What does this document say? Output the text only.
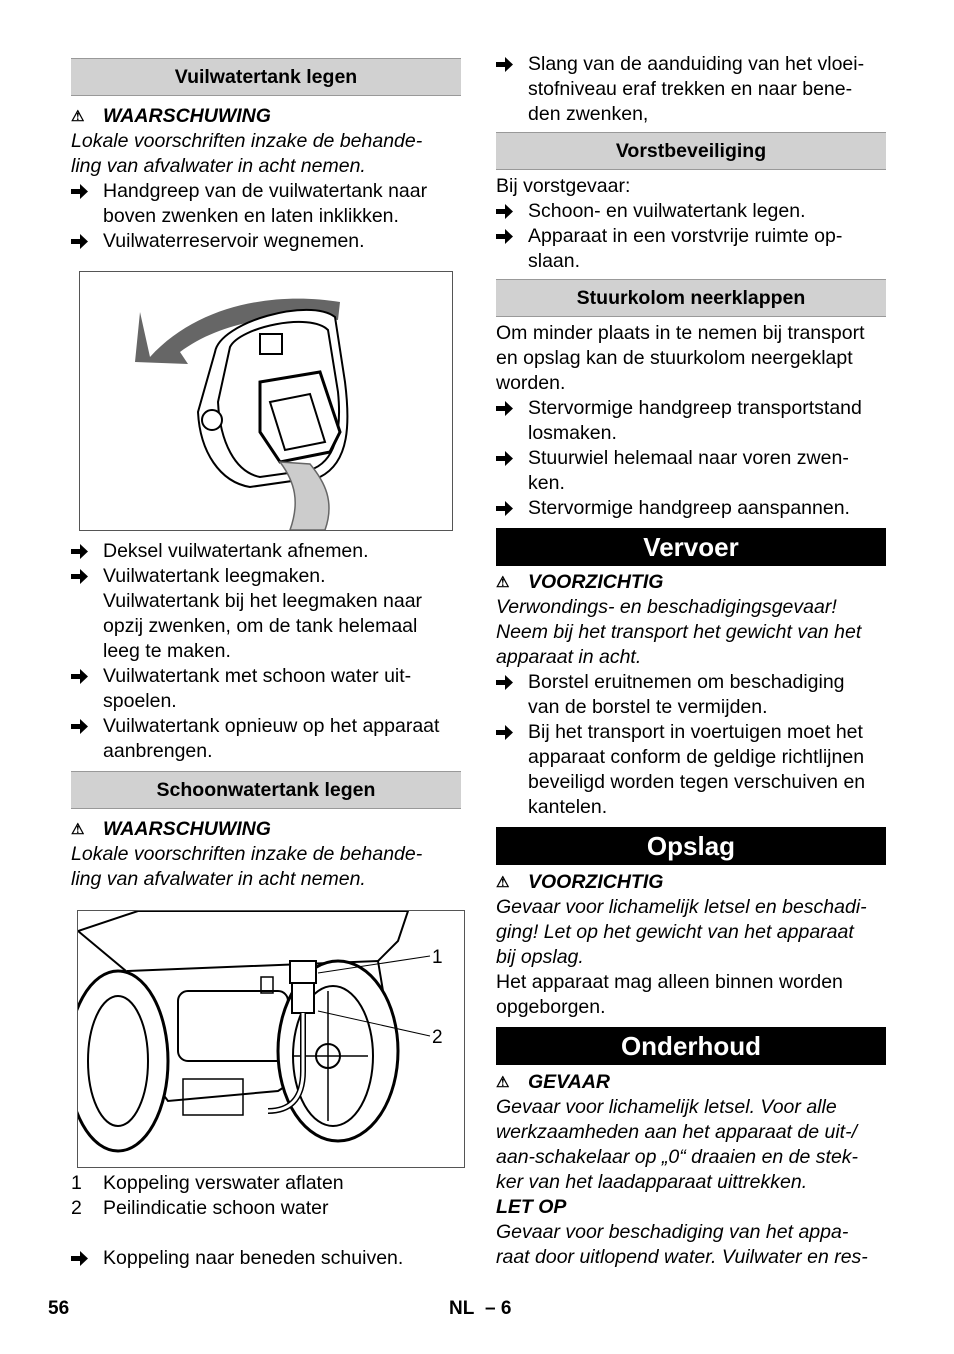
Vuilwatertank legen
⚠ WAARSCHUWING
Lokale voorschriften inzake de behande-
ling van afvalwater in acht nemen.
Handgreep van de vuilwatertank naar
boven zwenken en laten inklikken.
Vuilwaterreservoir wegnemen.
Deksel vuilwatertank afnemen.
Vuilwatertank leegmaken.
Vuilwatertank bij het leegmaken naar
opzij zwenken, om de tank helemaal
leeg te maken.
Vuilwatertank met schoon water uit-
spoelen.
Vuilwatertank opnieuw op het apparaat
aanbrengen.
Schoonwatertank legen
⚠ WAARSCHUWING
Lokale voorschriften inzake de behande-
ling van afvalwater in acht nemen.
1
2
1	Koppeling verswater aflaten
2	Peilindicatie schoon water
Koppeling naar beneden schuiven.
Slang van de aanduiding van het vloei-
stofniveau eraf trekken en naar bene-
den zwenken,
Vorstbeveiliging
Bij vorstgevaar:
Schoon- en vuilwatertank legen.
Apparaat in een vorstvrije ruimte op-
slaan.
Stuurkolom neerklappen
Om minder plaats in te nemen bij transport
en opslag kan de stuurkolom neergeklapt
worden.
Stervormige handgreep transportstand
losmaken.
Stuurwiel helemaal naar voren zwen-
ken.
Stervormige handgreep aanspannen.
Vervoer
⚠ VOORZICHTIG
Verwondings- en beschadigingsgevaar!
Neem bij het transport het gewicht van het
apparaat in acht.
Borstel eruitnemen om beschadiging
van de borstel te vermijden.
Bij het transport in voertuigen moet het
apparaat conform de geldige richtlijnen
beveiligd worden tegen verschuiven en
kantelen.
Opslag
⚠ VOORZICHTIG
Gevaar voor lichamelijk letsel en beschadi-
ging! Let op het gewicht van het apparaat
bij opslag.
Het apparaat mag alleen binnen worden
opgeborgen.
Onderhoud
⚠ GEVAAR
Gevaar voor lichamelijk letsel. Voor alle
werkzaamheden aan het apparaat de uit-/
aan-schakelaar op „0“ draaien en de stek-
ker van het laadapparaat uittrekken.
LET OP
Gevaar voor beschadiging van het appa-
raat door uitlopend water. Vuilwater en res-
56	NL – 6
